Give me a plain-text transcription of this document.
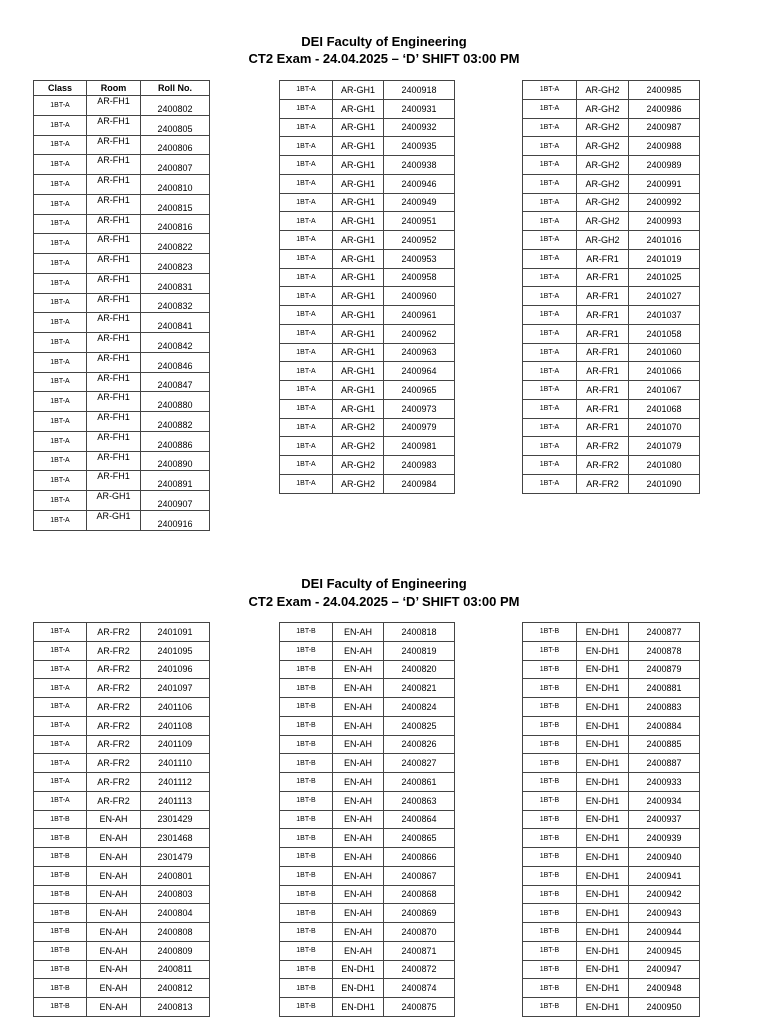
DEI Faculty of Engineering
CT2 Exam - 24.04.2025 – ‘D’ SHIFT 03:00 PM
Class	Room	Roll No.
1BT-A	AR-FH1	2400802
1BT-A	AR-FH1	2400805
1BT-A	AR-FH1	2400806
1BT-A	AR-FH1	2400807
1BT-A	AR-FH1	2400810
1BT-A	AR-FH1	2400815
1BT-A	AR-FH1	2400816
1BT-A	AR-FH1	2400822
1BT-A	AR-FH1	2400823
1BT-A	AR-FH1	2400831
1BT-A	AR-FH1	2400832
1BT-A	AR-FH1	2400841
1BT-A	AR-FH1	2400842
1BT-A	AR-FH1	2400846
1BT-A	AR-FH1	2400847
1BT-A	AR-FH1	2400880
1BT-A	AR-FH1	2400882
1BT-A	AR-FH1	2400886
1BT-A	AR-FH1	2400890
1BT-A	AR-FH1	2400891
1BT-A	AR-GH1	2400907
1BT-A	AR-GH1	2400916
1BT-A	AR-GH1	2400918
1BT-A	AR-GH1	2400931
1BT-A	AR-GH1	2400932
1BT-A	AR-GH1	2400935
1BT-A	AR-GH1	2400938
1BT-A	AR-GH1	2400946
1BT-A	AR-GH1	2400949
1BT-A	AR-GH1	2400951
1BT-A	AR-GH1	2400952
1BT-A	AR-GH1	2400953
1BT-A	AR-GH1	2400958
1BT-A	AR-GH1	2400960
1BT-A	AR-GH1	2400961
1BT-A	AR-GH1	2400962
1BT-A	AR-GH1	2400963
1BT-A	AR-GH1	2400964
1BT-A	AR-GH1	2400965
1BT-A	AR-GH1	2400973
1BT-A	AR-GH2	2400979
1BT-A	AR-GH2	2400981
1BT-A	AR-GH2	2400983
1BT-A	AR-GH2	2400984
1BT-A	AR-GH2	2400985
1BT-A	AR-GH2	2400986
1BT-A	AR-GH2	2400987
1BT-A	AR-GH2	2400988
1BT-A	AR-GH2	2400989
1BT-A	AR-GH2	2400991
1BT-A	AR-GH2	2400992
1BT-A	AR-GH2	2400993
1BT-A	AR-GH2	2401016
1BT-A	AR-FR1	2401019
1BT-A	AR-FR1	2401025
1BT-A	AR-FR1	2401027
1BT-A	AR-FR1	2401037
1BT-A	AR-FR1	2401058
1BT-A	AR-FR1	2401060
1BT-A	AR-FR1	2401066
1BT-A	AR-FR1	2401067
1BT-A	AR-FR1	2401068
1BT-A	AR-FR1	2401070
1BT-A	AR-FR2	2401079
1BT-A	AR-FR2	2401080
1BT-A	AR-FR2	2401090
DEI Faculty of Engineering
CT2 Exam - 24.04.2025 – ‘D’ SHIFT 03:00 PM
1BT-A	AR-FR2	2401091
1BT-A	AR-FR2	2401095
1BT-A	AR-FR2	2401096
1BT-A	AR-FR2	2401097
1BT-A	AR-FR2	2401106
1BT-A	AR-FR2	2401108
1BT-A	AR-FR2	2401109
1BT-A	AR-FR2	2401110
1BT-A	AR-FR2	2401112
1BT-A	AR-FR2	2401113
1BT-B	EN-AH	2301429
1BT-B	EN-AH	2301468
1BT-B	EN-AH	2301479
1BT-B	EN-AH	2400801
1BT-B	EN-AH	2400803
1BT-B	EN-AH	2400804
1BT-B	EN-AH	2400808
1BT-B	EN-AH	2400809
1BT-B	EN-AH	2400811
1BT-B	EN-AH	2400812
1BT-B	EN-AH	2400813
1BT-B	EN-AH	2400818
1BT-B	EN-AH	2400819
1BT-B	EN-AH	2400820
1BT-B	EN-AH	2400821
1BT-B	EN-AH	2400824
1BT-B	EN-AH	2400825
1BT-B	EN-AH	2400826
1BT-B	EN-AH	2400827
1BT-B	EN-AH	2400861
1BT-B	EN-AH	2400863
1BT-B	EN-AH	2400864
1BT-B	EN-AH	2400865
1BT-B	EN-AH	2400866
1BT-B	EN-AH	2400867
1BT-B	EN-AH	2400868
1BT-B	EN-AH	2400869
1BT-B	EN-AH	2400870
1BT-B	EN-AH	2400871
1BT-B	EN-DH1	2400872
1BT-B	EN-DH1	2400874
1BT-B	EN-DH1	2400875
1BT-B	EN-DH1	2400877
1BT-B	EN-DH1	2400878
1BT-B	EN-DH1	2400879
1BT-B	EN-DH1	2400881
1BT-B	EN-DH1	2400883
1BT-B	EN-DH1	2400884
1BT-B	EN-DH1	2400885
1BT-B	EN-DH1	2400887
1BT-B	EN-DH1	2400933
1BT-B	EN-DH1	2400934
1BT-B	EN-DH1	2400937
1BT-B	EN-DH1	2400939
1BT-B	EN-DH1	2400940
1BT-B	EN-DH1	2400941
1BT-B	EN-DH1	2400942
1BT-B	EN-DH1	2400943
1BT-B	EN-DH1	2400944
1BT-B	EN-DH1	2400945
1BT-B	EN-DH1	2400947
1BT-B	EN-DH1	2400948
1BT-B	EN-DH1	2400950
